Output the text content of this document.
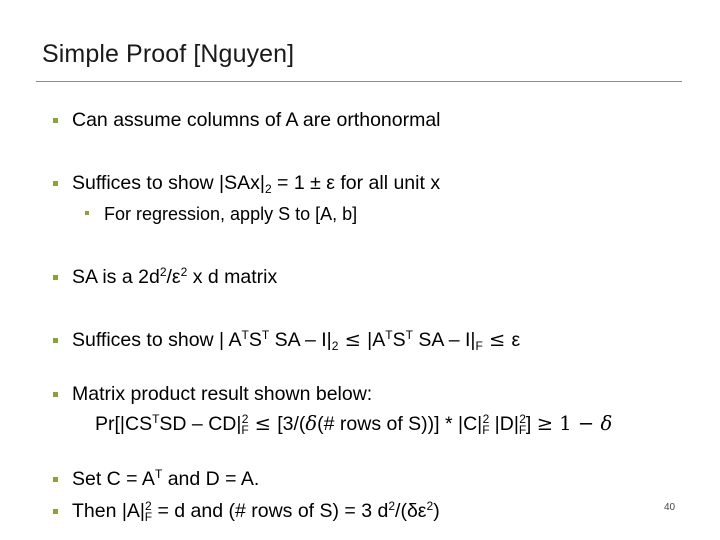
Simple Proof [Nguyen]
Can assume columns of A are orthonormal
Suffices to show $|SAx|_2 = 1 \pm \varepsilon$ for all unit x
For regression, apply S to [A, b]
SA is a $2d^2/\varepsilon^2$ x d matrix
Suffices to show | $A^TS^T$ SA – $I|_2 \le |A^TS^T$ SA – $I|_F \le \varepsilon$
Matrix product result shown below:
$Pr[|CS^TSD - CD|_F^2$ ≤ [3/(δ(# rows of $S))] * |C|_F^2$ $|D|_F^2] \ge 1 - \delta$
Set $C = A^T$ and D = A.
Then $|A|^2_F = d$ and (# rows of S) = 3 $d^2/(\delta\varepsilon^2)$	40
